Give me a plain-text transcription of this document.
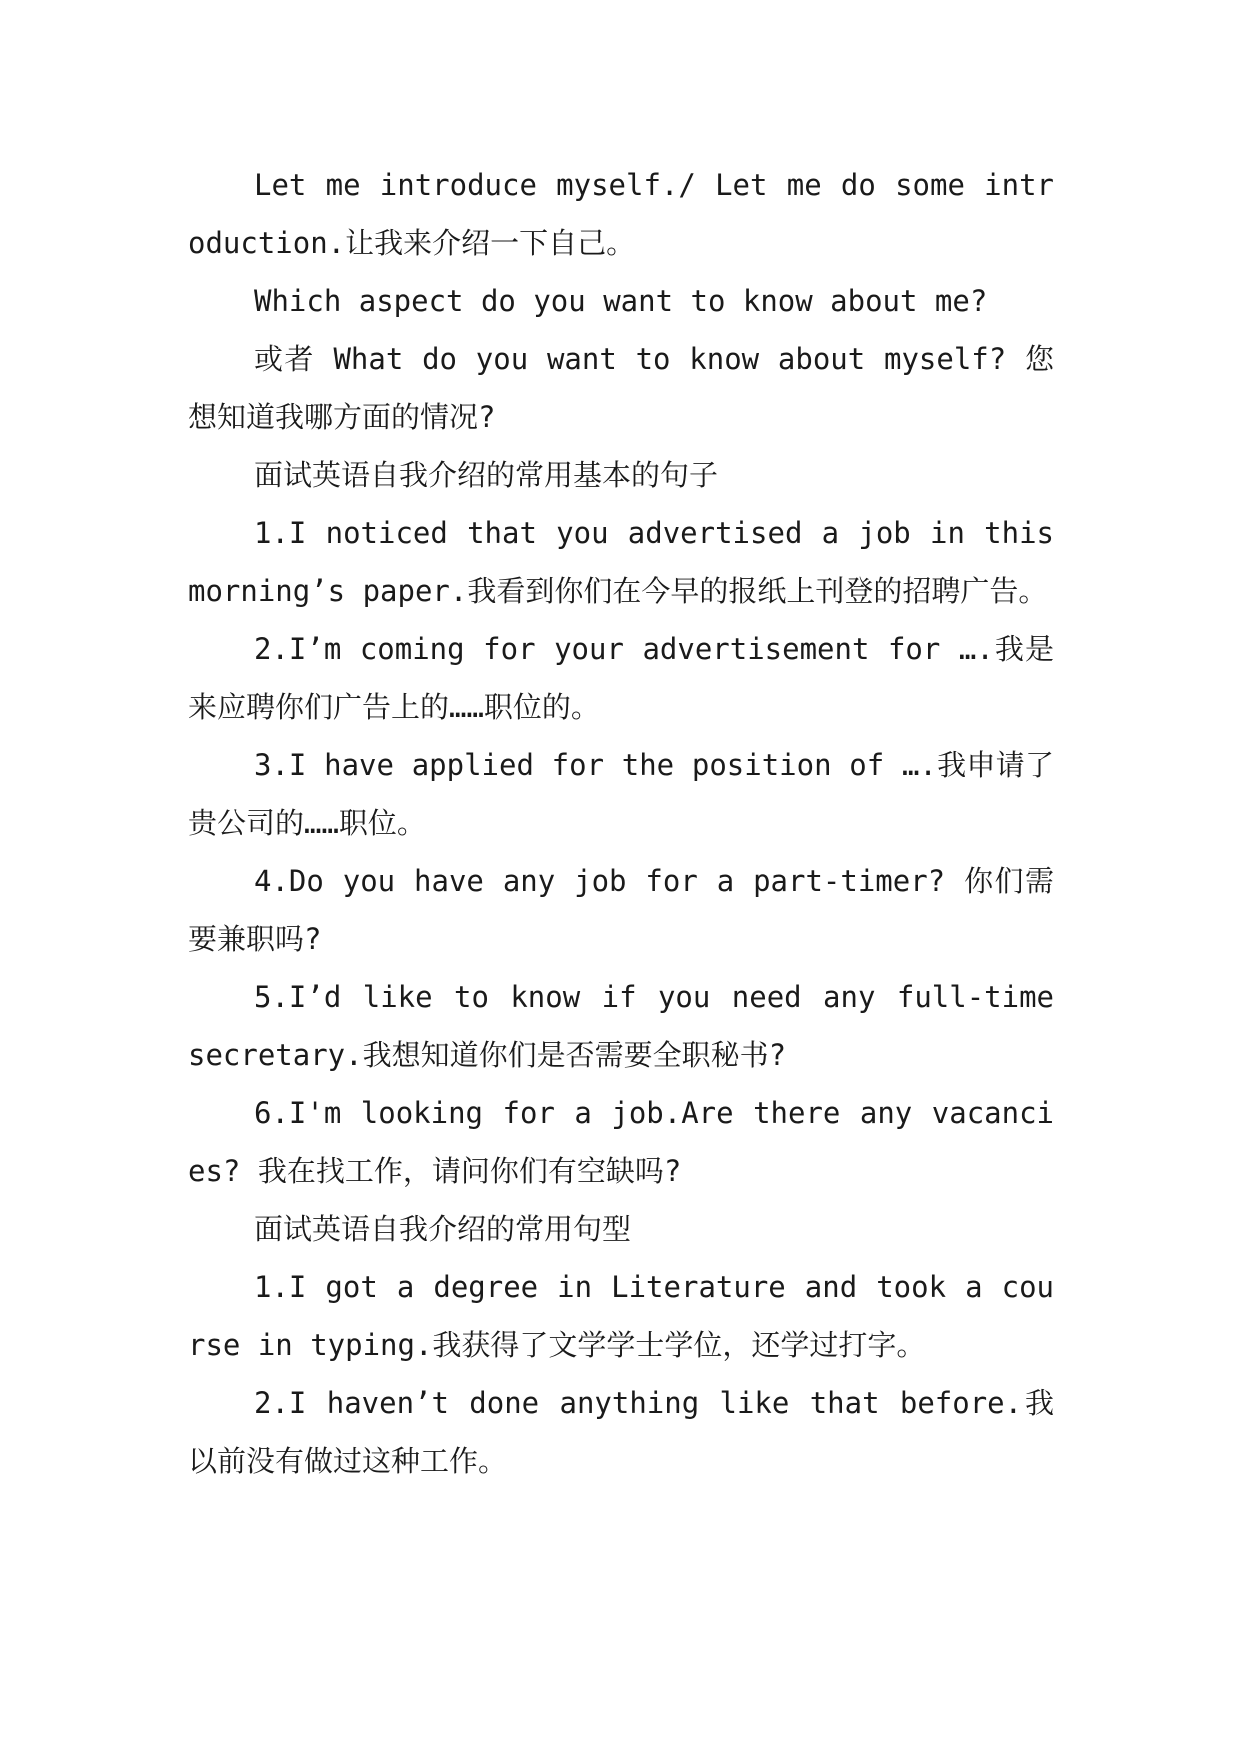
Let me introduce myself./ Let me do some introduction.让我来介绍一下自己。

Which aspect do you want to know about me?

或者 What do you want to know about myself? 您想知道我哪方面的情况?

面试英语自我介绍的常用基本的句子

1.I noticed that you advertised a job in this morning’s paper.我看到你们在今早的报纸上刊登的招聘广告。

2.I’m coming for your advertisement for ….我是来应聘你们广告上的……职位的。

3.I have applied for the position of ….我申请了贵公司的……职位。

4.Do you have any job for a part-timer? 你们需要兼职吗?

5.I’d like to know if you need any full-time secretary.我想知道你们是否需要全职秘书?

6.I'm looking for a job.Are there any vacancies? 我在找工作，请问你们有空缺吗?

面试英语自我介绍的常用句型

1.I got a degree in Literature and took a course in typing.我获得了文学学士学位，还学过打字。

2.I haven’t done anything like that before.我以前没有做过这种工作。
